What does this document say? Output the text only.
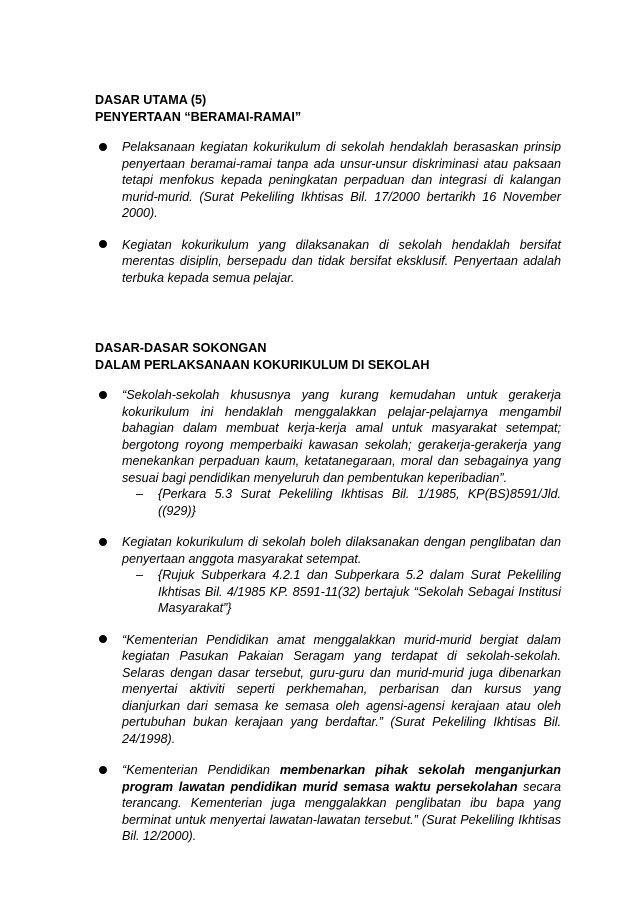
DASAR UTAMA (5)

PENYERTAAN “BERAMAI-RAMAI”

Pelaksanaan kegiatan kokurikulum di sekolah hendaklah berasaskan prinsip penyertaan beramai-ramai tanpa ada unsur-unsur diskriminasi atau paksaan tetapi menfokus kepada peningkatan perpaduan dan integrasi di kalangan murid-murid. (Surat Pekeliling Ikhtisas Bil. 17/2000 bertarikh 16 November 2000).
Kegiatan kokurikulum yang dilaksanakan di sekolah hendaklah bersifat merentas disiplin, bersepadu dan tidak bersifat eksklusif. Penyertaan adalah terbuka kepada semua pelajar.

DASAR-DASAR SOKONGAN

DALAM PERLAKSANAAN KOKURIKULUM DI SEKOLAH

“Sekolah-sekolah khususnya yang kurang kemudahan untuk gerakerja kokurikulum ini hendaklah menggalakkan pelajar-pelajarnya mengambil bahagian dalam membuat kerja-kerja amal untuk masyarakat setempat; bergotong royong memperbaiki kawasan sekolah; gerakerja-gerakerja yang menekankan perpaduan kaum, ketatanegaraan, moral dan sebagainya yang sesuai bagi pendidikan menyeluruh dan pembentukan keperibadian”.
– {Perkara 5.3 Surat Pekeliling Ikhtisas Bil. 1/1985, KP(BS)8591/Jld.((929)}
Kegiatan kokurikulum di sekolah boleh dilaksanakan dengan penglibatan dan penyertaan anggota masyarakat setempat.
– {Rujuk Subperkara 4.2.1 dan Subperkara 5.2 dalam Surat Pekeliling Ikhtisas Bil. 4/1985 KP. 8591-11(32) bertajuk “Sekolah Sebagai Institusi Masyarakat”}
“Kementerian Pendidikan amat menggalakkan murid-murid bergiat dalam kegiatan Pasukan Pakaian Seragam yang terdapat di sekolah-sekolah. Selaras dengan dasar tersebut, guru-guru dan murid-murid juga dibenarkan menyertai aktiviti seperti perkhemahan, perbarisan dan kursus yang dianjurkan dari semasa ke semasa oleh agensi-agensi kerajaan atau oleh pertubuhan bukan kerajaan yang berdaftar.” (Surat Pekeliling Ikhtisas Bil. 24/1998).
“Kementerian Pendidikan membenarkan pihak sekolah menganjurkan program lawatan pendidikan murid semasa waktu persekolahan secara terancang. Kementerian juga menggalakkan penglibatan ibu bapa yang berminat untuk menyertai lawatan-lawatan tersebut.” (Surat Pekeliling Ikhtisas Bil. 12/2000).
